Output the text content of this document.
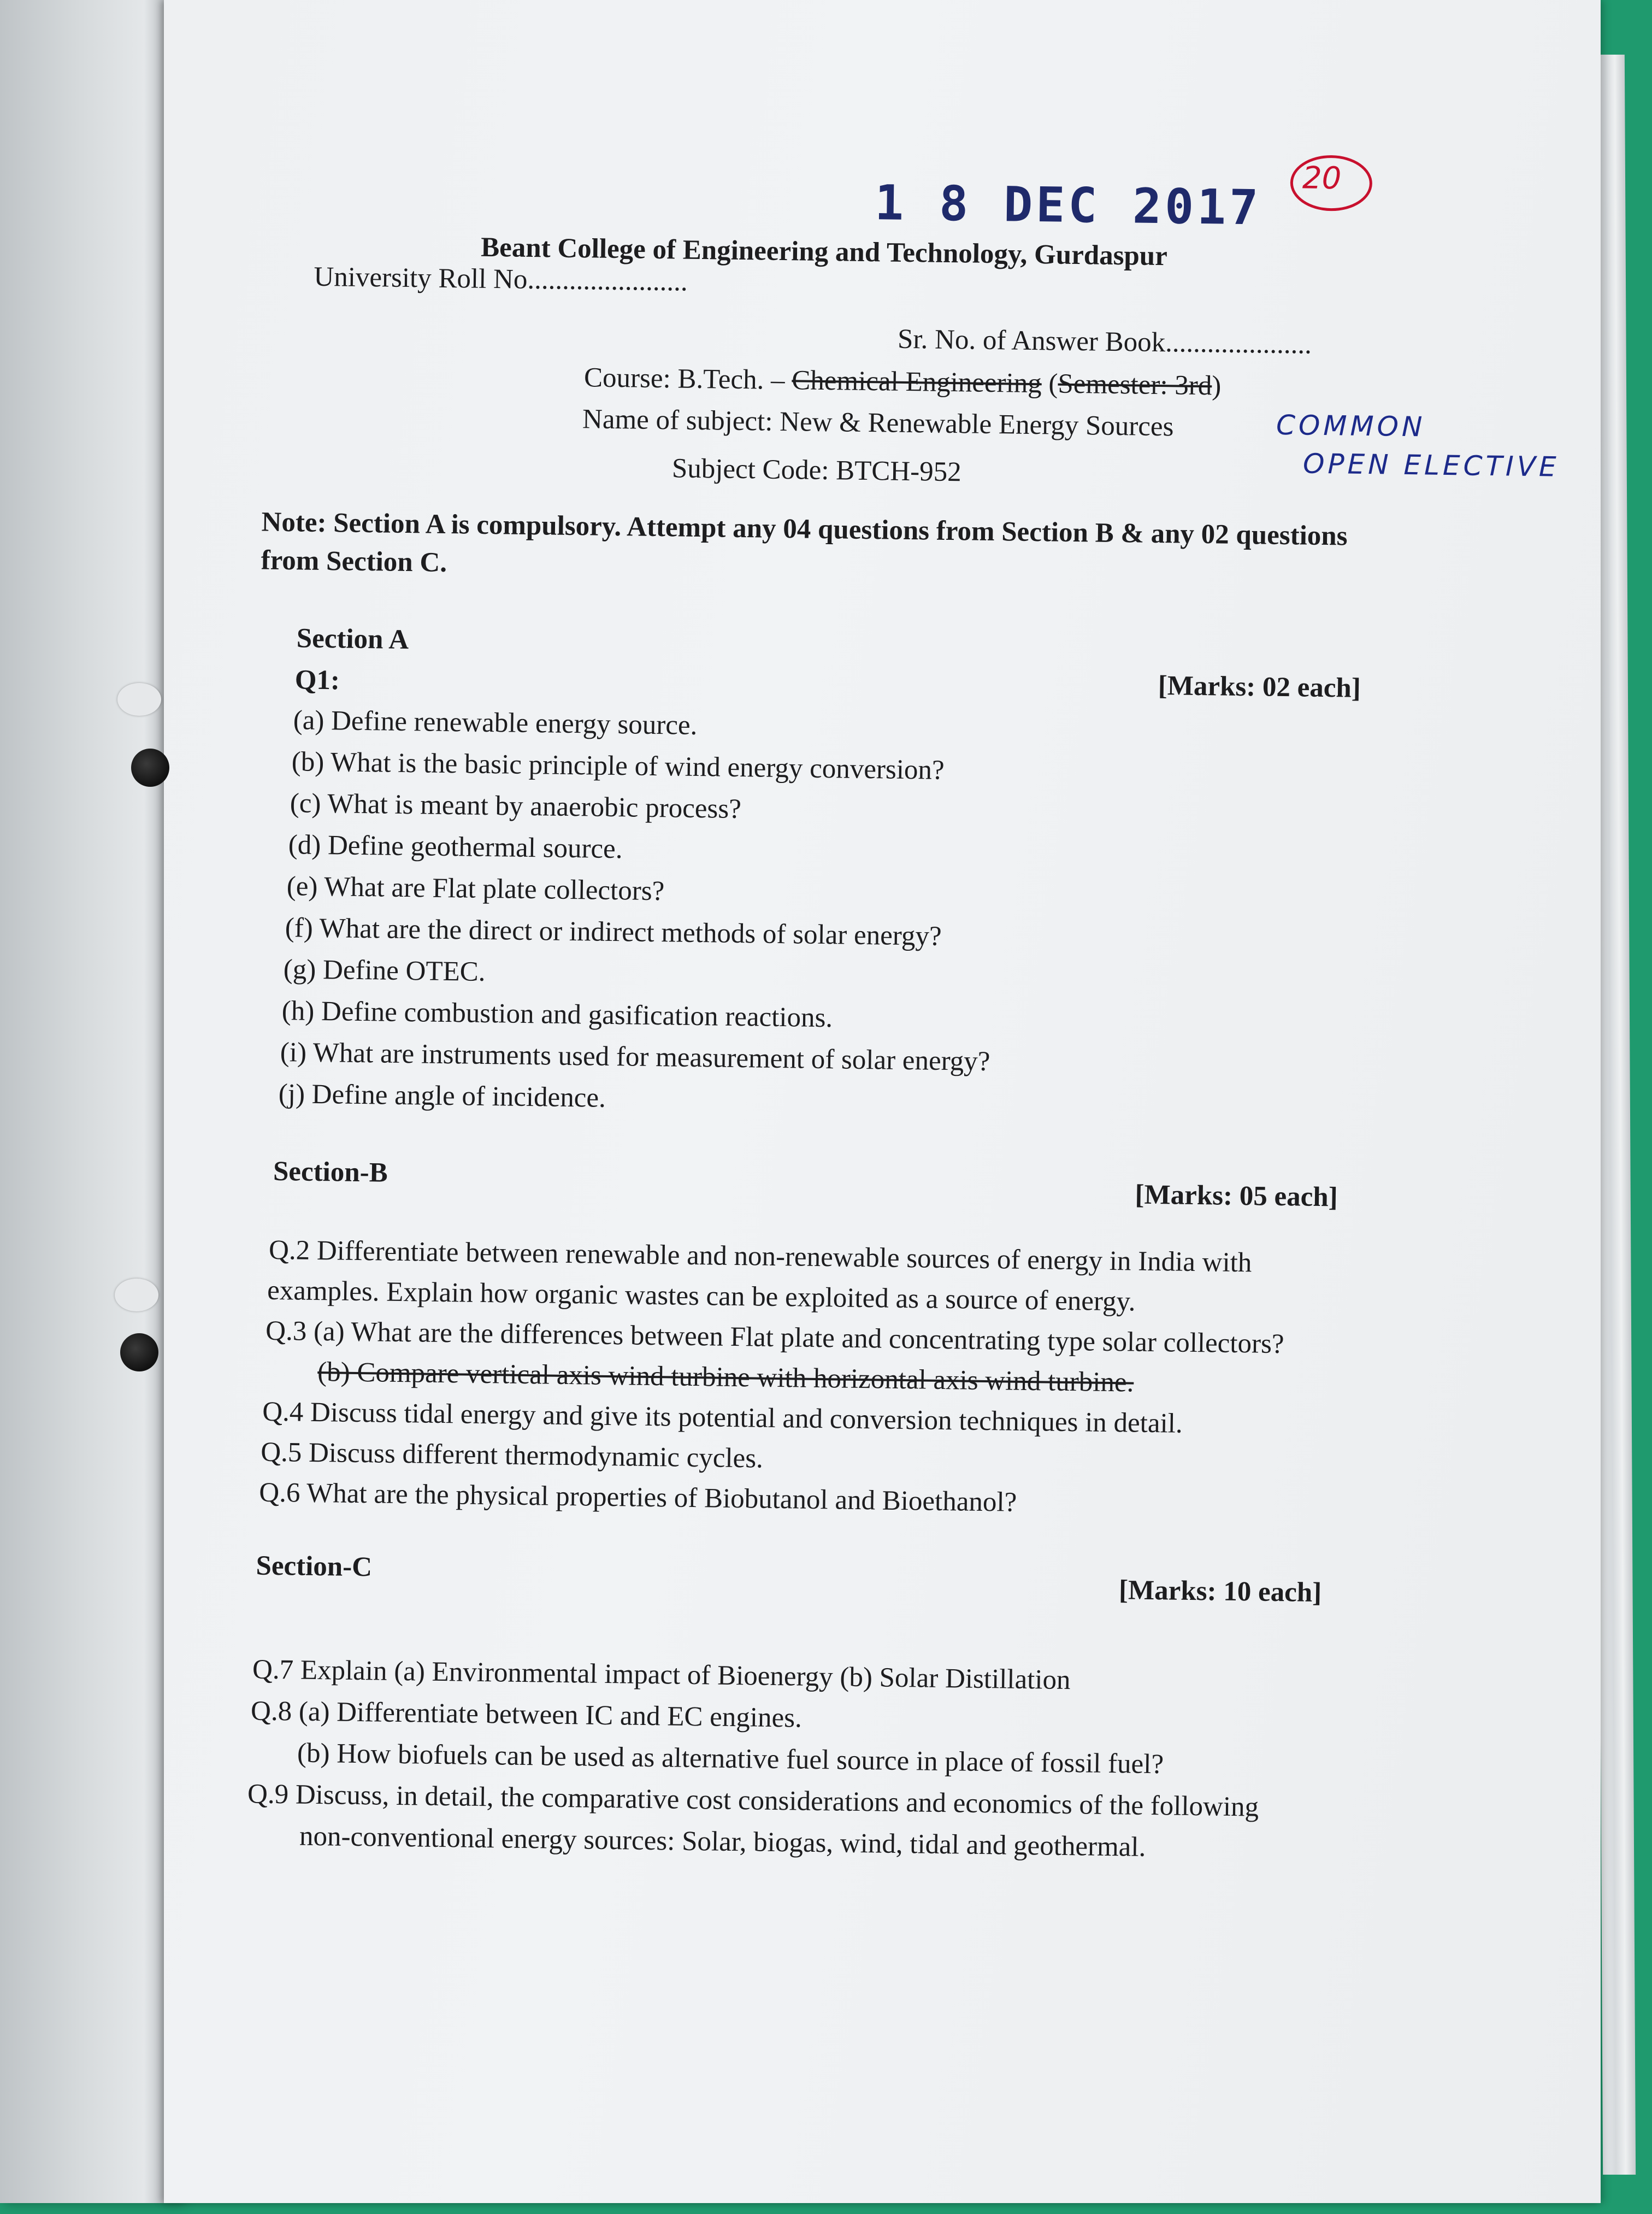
1 8 DEC 2017 20
Beant College of Engineering and Technology, Gurdaspur
University Roll No.......................
Sr. No. of Answer Book.....................
Course: B.Tech. – Chemical Engineering (Semester: 3rd)
COMMON
OPEN ELECTIVE
Name of subject: New & Renewable Energy Sources
Subject Code: BTCH-952
Note: Section A is compulsory. Attempt any 04 questions from Section B & any 02 questions
from Section C.
Section A
Q1:	[Marks: 02 each]
(a) Define renewable energy source.
(b) What is the basic principle of wind energy conversion?
(c) What is meant by anaerobic process?
(d) Define geothermal source.
(e) What are Flat plate collectors?
(f) What are the direct or indirect methods of solar energy?
(g) Define OTEC.
(h) Define combustion and gasification reactions.
(i) What are instruments used for measurement of solar energy?
(j) Define angle of incidence.
Section-B
[Marks: 05 each]
Q.2 Differentiate between renewable and non-renewable sources of energy in India with
examples. Explain how organic wastes can be exploited as a source of energy.
Q.3 (a) What are the differences between Flat plate and concentrating type solar collectors?
(b) Compare vertical axis wind turbine with horizontal axis wind turbine.
Q.4 Discuss tidal energy and give its potential and conversion techniques in detail.
Q.5 Discuss different thermodynamic cycles.
Q.6 What are the physical properties of Biobutanol and Bioethanol?
Section-C
[Marks: 10 each]
Q.7 Explain (a) Environmental impact of Bioenergy (b) Solar Distillation
Q.8 (a) Differentiate between IC and EC engines.
(b) How biofuels can be used as alternative fuel source in place of fossil fuel?
Q.9 Discuss, in detail, the comparative cost considerations and economics of the following
non-conventional energy sources: Solar, biogas, wind, tidal and geothermal.
